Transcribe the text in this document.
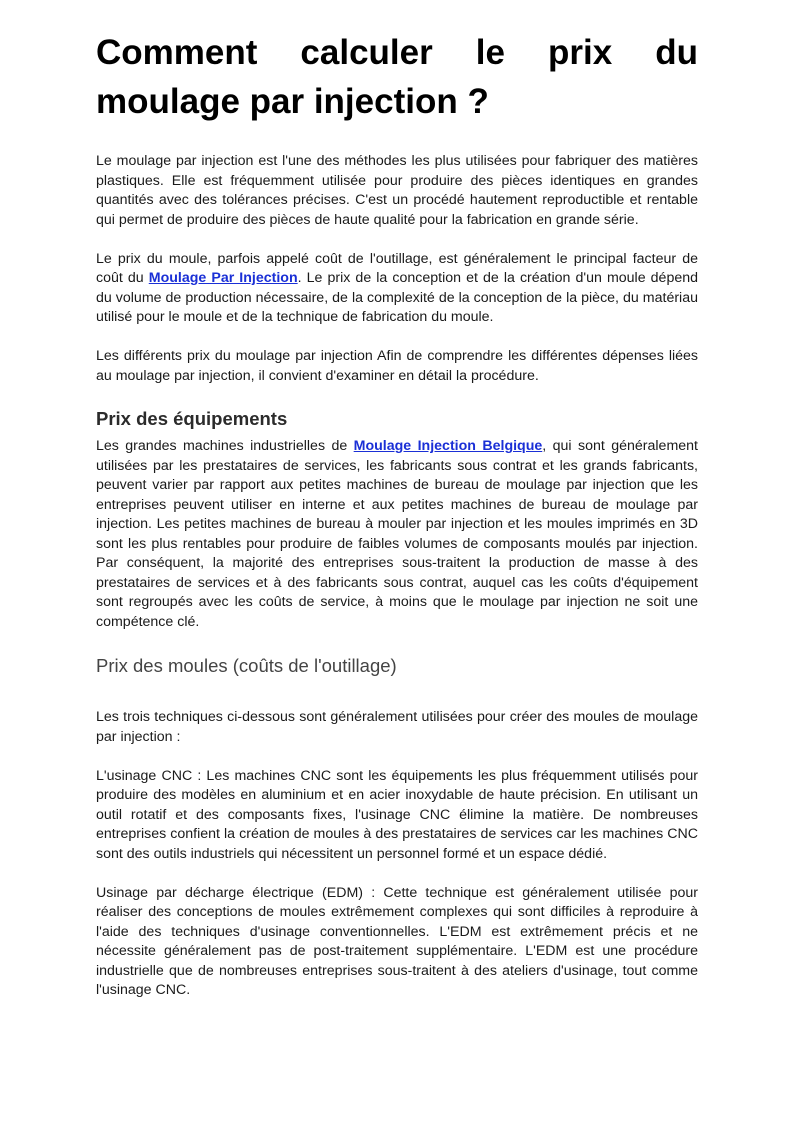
Comment calculer le prix du
moulage par injection ?

Le moulage par injection est l'une des méthodes les plus utilisées pour fabriquer des matières plastiques. Elle est fréquemment utilisée pour produire des pièces identiques en grandes quantités avec des tolérances précises. C'est un procédé hautement reproductible et rentable qui permet de produire des pièces de haute qualité pour la fabrication en grande série.

Le prix du moule, parfois appelé coût de l'outillage, est généralement le principal facteur de coût du Moulage Par Injection. Le prix de la conception et de la création d'un moule dépend du volume de production nécessaire, de la complexité de la conception de la pièce, du matériau utilisé pour le moule et de la technique de fabrication du moule.

Les différents prix du moulage par injection Afin de comprendre les différentes dépenses liées au moulage par injection, il convient d'examiner en détail la procédure.

Prix des équipements

Les grandes machines industrielles de Moulage Injection Belgique, qui sont généralement utilisées par les prestataires de services, les fabricants sous contrat et les grands fabricants, peuvent varier par rapport aux petites machines de bureau de moulage par injection que les entreprises peuvent utiliser en interne et aux petites machines de bureau de moulage par injection. Les petites machines de bureau à mouler par injection et les moules imprimés en 3D sont les plus rentables pour produire de faibles volumes de composants moulés par injection. Par conséquent, la majorité des entreprises sous-traitent la production de masse à des prestataires de services et à des fabricants sous contrat, auquel cas les coûts d'équipement sont regroupés avec les coûts de service, à moins que le moulage par injection ne soit une compétence clé.

Prix des moules (coûts de l'outillage)

Les trois techniques ci-dessous sont généralement utilisées pour créer des moules de moulage par injection :

L'usinage CNC : Les machines CNC sont les équipements les plus fréquemment utilisés pour produire des modèles en aluminium et en acier inoxydable de haute précision. En utilisant un outil rotatif et des composants fixes, l'usinage CNC élimine la matière. De nombreuses entreprises confient la création de moules à des prestataires de services car les machines CNC sont des outils industriels qui nécessitent un personnel formé et un espace dédié.

Usinage par décharge électrique (EDM) : Cette technique est généralement utilisée pour réaliser des conceptions de moules extrêmement complexes qui sont difficiles à reproduire à l'aide des techniques d'usinage conventionnelles. L'EDM est extrêmement précis et ne nécessite généralement pas de post-traitement supplémentaire. L'EDM est une procédure industrielle que de nombreuses entreprises sous-traitent à des ateliers d'usinage, tout comme l'usinage CNC.
